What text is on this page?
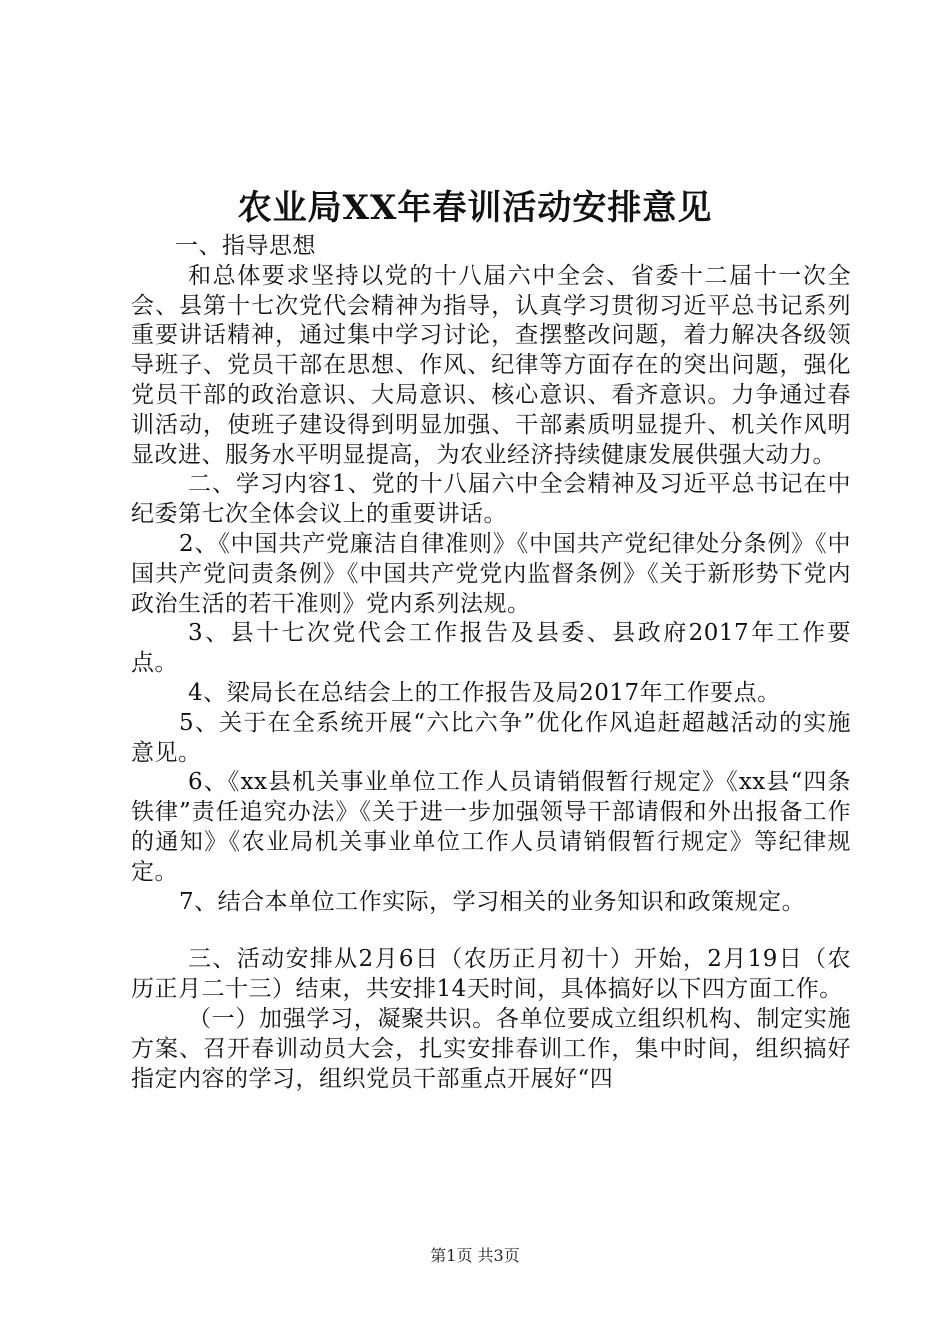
农业局XX年春训活动安排意见

一、指导思想

和总体要求坚持以党的十八届六中全会、省委十二届十一次全会、县第十七次党代会精神为指导，认真学习贯彻习近平总书记系列重要讲话精神，通过集中学习讨论，查摆整改问题，着力解决各级领导班子、党员干部在思想、作风、纪律等方面存在的突出问题，强化党员干部的政治意识、大局意识、核心意识、看齐意识。力争通过春训活动，使班子建设得到明显加强、干部素质明显提升、机关作风明显改进、服务水平明显提高，为农业经济持续健康发展供强大动力。

二、学习内容1、党的十八届六中全会精神及习近平总书记在中纪委第七次全体会议上的重要讲话。

2、《中国共产党廉洁自律准则》《中国共产党纪律处分条例》《中国共产党问责条例》《中国共产党党内监督条例》《关于新形势下党内政治生活的若干准则》党内系列法规。

3、县十七次党代会工作报告及县委、县政府2017年工作要点。

4、梁局长在总结会上的工作报告及局2017年工作要点。

5、关于在全系统开展“六比六争”优化作风追赶超越活动的实施意见。

6、《xx县机关事业单位工作人员请销假暂行规定》《xx县“四条铁律”责任追究办法》《关于进一步加强领导干部请假和外出报备工作的通知》《农业局机关事业单位工作人员请销假暂行规定》等纪律规定。

7、结合本单位工作实际，学习相关的业务知识和政策规定。

三、活动安排从2月6日（农历正月初十）开始，2月19日（农历正月二十三）结束，共安排14天时间，具体搞好以下四方面工作。

（一）加强学习，凝聚共识。各单位要成立组织机构、制定实施方案、召开春训动员大会，扎实安排春训工作，集中时间，组织搞好指定内容的学习，组织党员干部重点开展好“四

第1页 共3页
